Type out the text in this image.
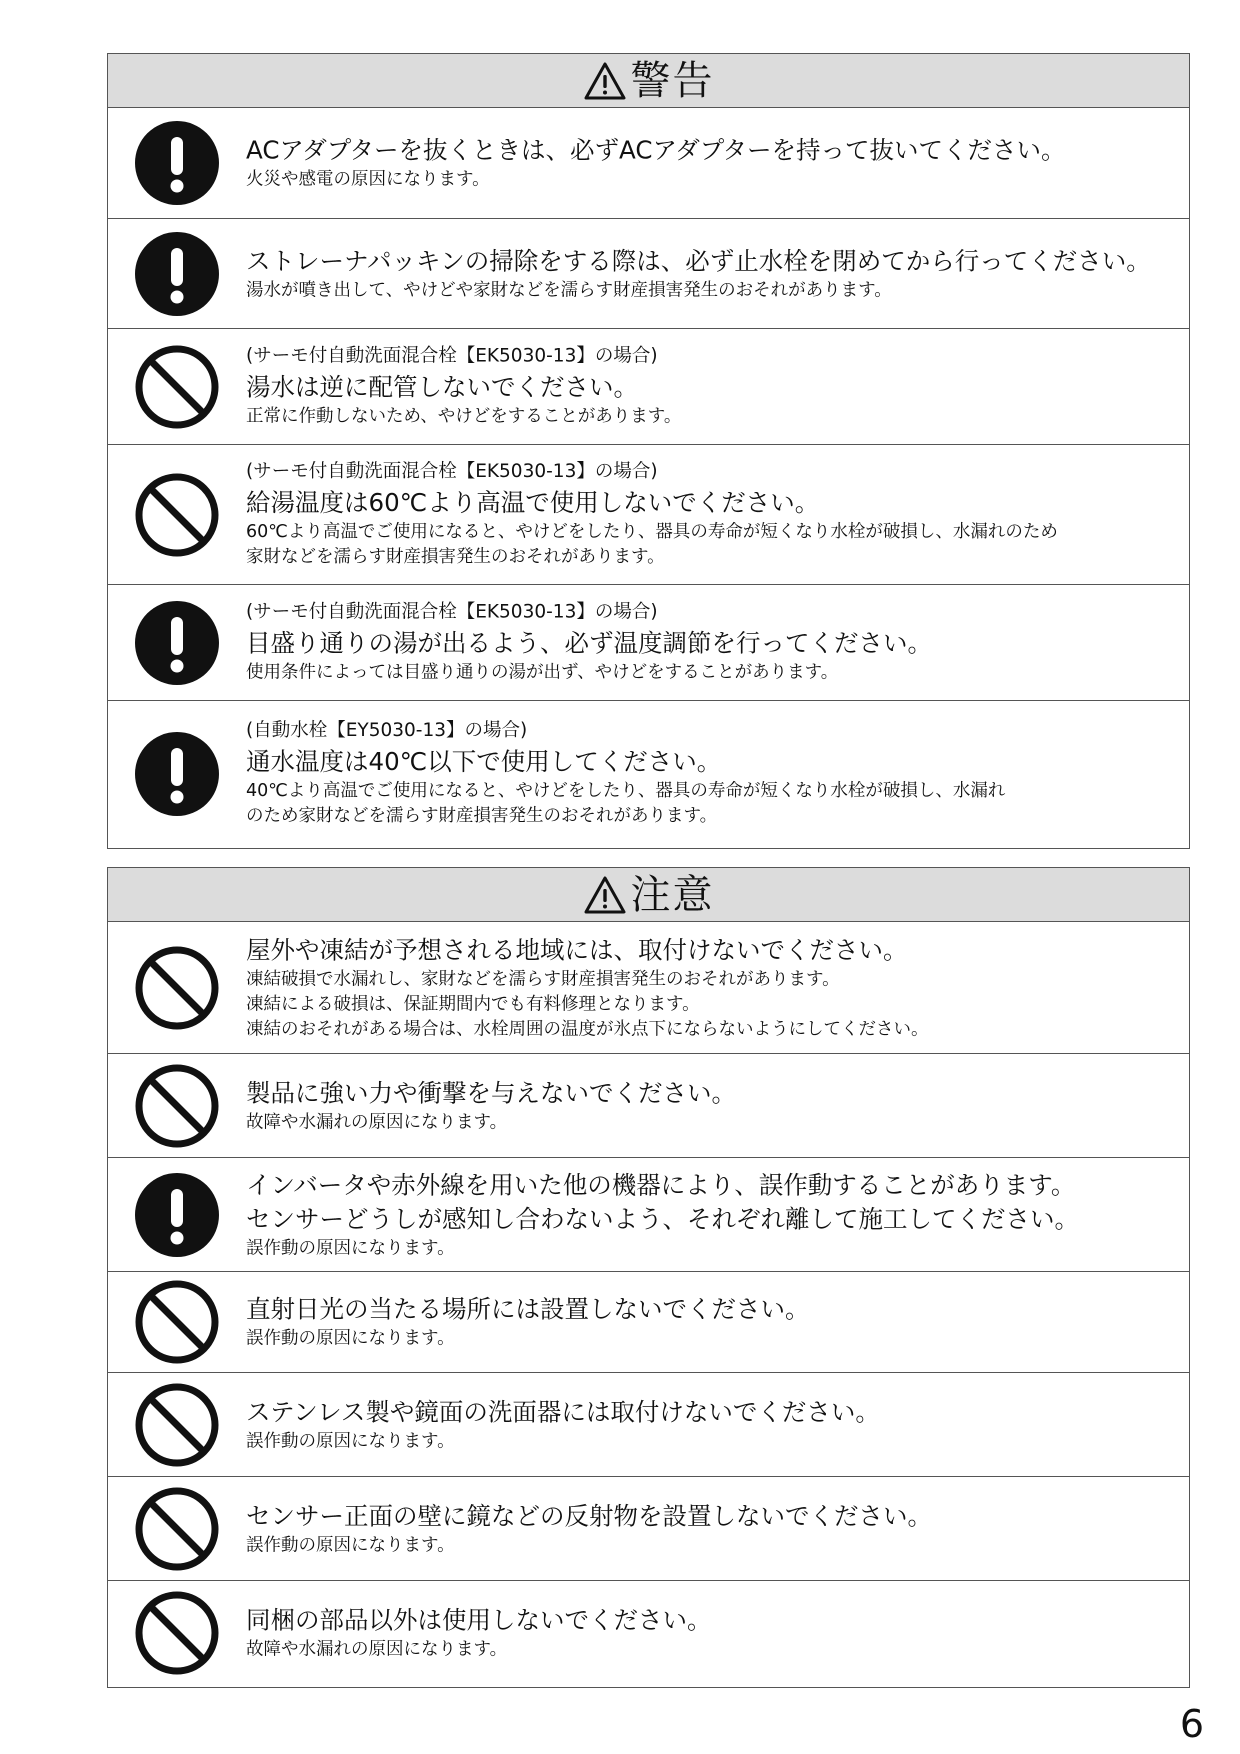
警告
ACアダプターを抜くときは、必ずACアダプターを持って抜いてください。
火災や感電の原因になります。
ストレーナパッキンの掃除をする際は、必ず止水栓を閉めてから行ってください。
湯水が噴き出して、やけどや家財などを濡らす財産損害発生のおそれがあります。
(サーモ付自動洗面混合栓【EK5030-13】の場合)
湯水は逆に配管しないでください。
正常に作動しないため、やけどをすることがあります。
(サーモ付自動洗面混合栓【EK5030-13】の場合)
給湯温度は60℃より高温で使用しないでください。
60℃より高温でご使用になると、やけどをしたり、器具の寿命が短くなり水栓が破損し、水漏れのため
家財などを濡らす財産損害発生のおそれがあります。
(サーモ付自動洗面混合栓【EK5030-13】の場合)
目盛り通りの湯が出るよう、必ず温度調節を行ってください。
使用条件によっては目盛り通りの湯が出ず、やけどをすることがあります。
(自動水栓【EY5030-13】の場合)
通水温度は40℃以下で使用してください。
40℃より高温でご使用になると、やけどをしたり、器具の寿命が短くなり水栓が破損し、水漏れ
のため家財などを濡らす財産損害発生のおそれがあります。
注意
屋外や凍結が予想される地域には、取付けないでください。
凍結破損で水漏れし、家財などを濡らす財産損害発生のおそれがあります。
凍結による破損は、保証期間内でも有料修理となります。
凍結のおそれがある場合は、水栓周囲の温度が氷点下にならないようにしてください。
製品に強い力や衝撃を与えないでください。
故障や水漏れの原因になります。
インバータや赤外線を用いた他の機器により、誤作動することがあります。
センサーどうしが感知し合わないよう、それぞれ離して施工してください。
誤作動の原因になります。
直射日光の当たる場所には設置しないでください。
誤作動の原因になります。
ステンレス製や鏡面の洗面器には取付けないでください。
誤作動の原因になります。
センサー正面の壁に鏡などの反射物を設置しないでください。
誤作動の原因になります。
同梱の部品以外は使用しないでください。
故障や水漏れの原因になります。
6
